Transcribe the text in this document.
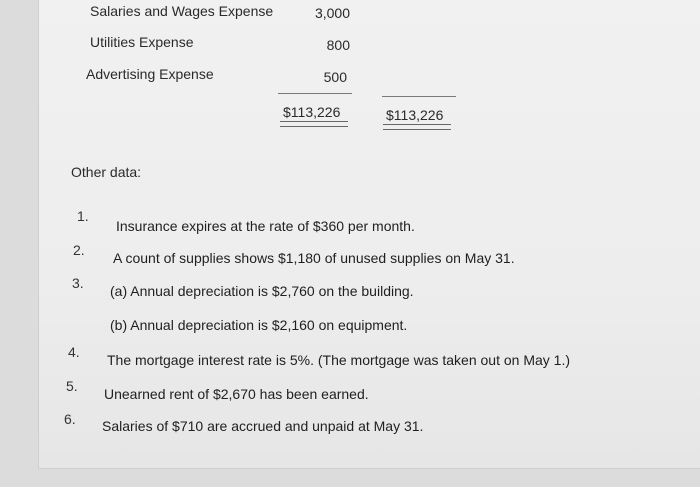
Salaries and Wages Expense	3,000
Utilities Expense	800
Advertising Expense	500
$113,226	$113,226
Other data:
1.
Insurance expires at the rate of $360 per month.
2. A count of supplies shows $1,180 of unused supplies on May 31.
3. (a) Annual depreciation is $2,760 on the building.
(b) Annual depreciation is $2,160 on equipment.
4. The mortgage interest rate is 5%. (The mortgage was taken out on May 1.)
5. Unearned rent of $2,670 has been earned.
6. Salaries of $710 are accrued and unpaid at May 31.
